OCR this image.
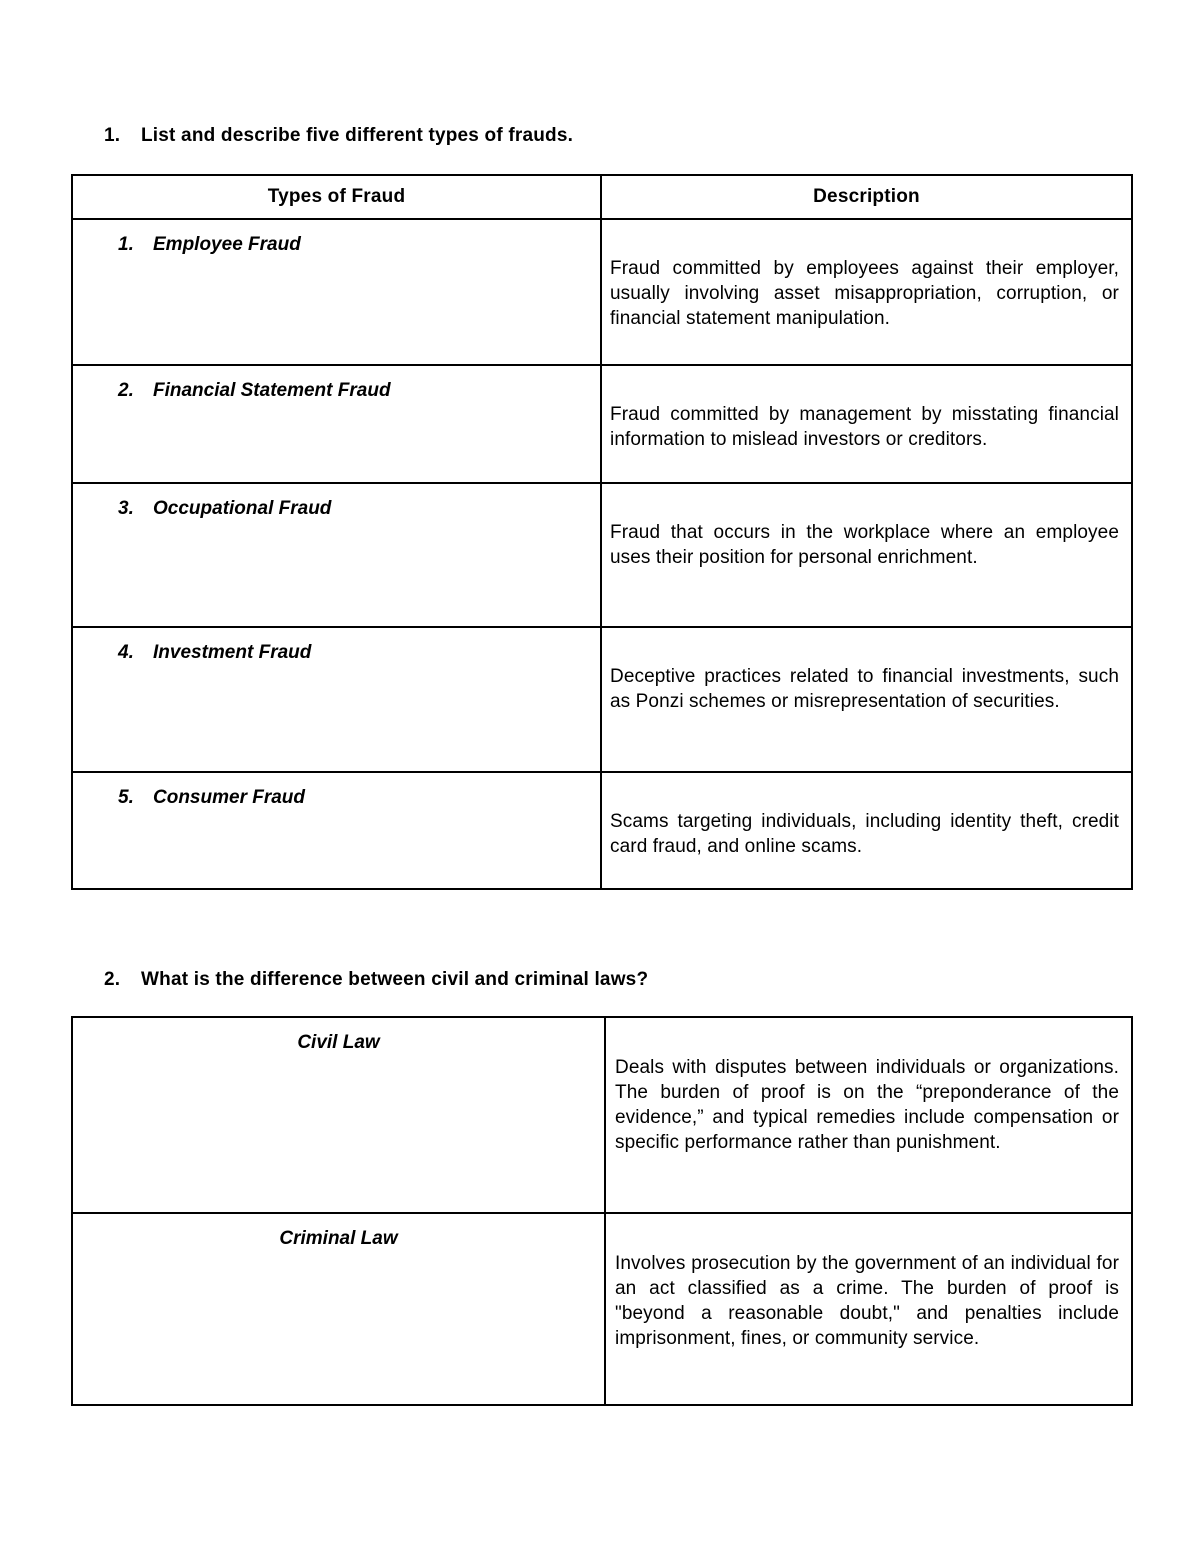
1. List and describe five different types of frauds.
Types of Fraud	Description
1. Employee Fraud	Fraud committed by employees against their employer, usually involving asset misappropriation, corruption, or financial statement manipulation.
2. Financial Statement Fraud	Fraud committed by management by misstating financial information to mislead investors or creditors.
3. Occupational Fraud	Fraud that occurs in the workplace where an employee uses their position for personal enrichment.
4. Investment Fraud	Deceptive practices related to financial investments, such as Ponzi schemes or misrepresentation of securities.
5. Consumer Fraud	Scams targeting individuals, including identity theft, credit card fraud, and online scams.
2. What is the difference between civil and criminal laws?
Civil Law	Deals with disputes between individuals or organizations. The burden of proof is on the “preponderance of the evidence,” and typical remedies include compensation or specific performance rather than punishment.
Criminal Law	Involves prosecution by the government of an individual for an act classified as a crime. The burden of proof is "beyond a reasonable doubt," and penalties include imprisonment, fines, or community service.
